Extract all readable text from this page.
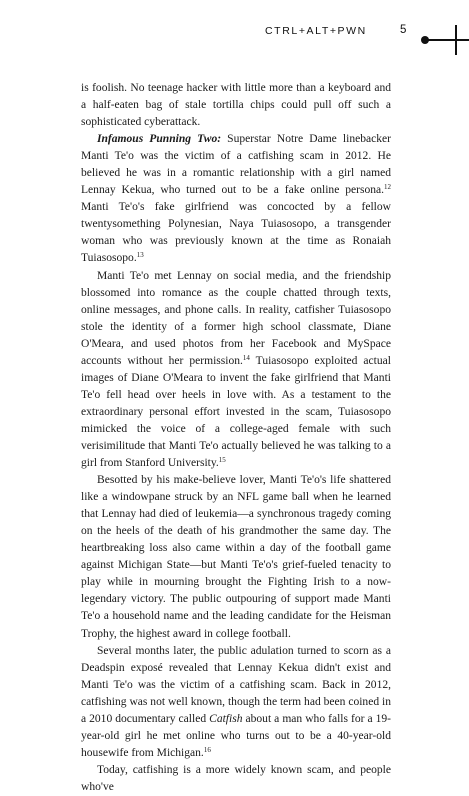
CTRL+ALT+PWN	5

is foolish. No teenage hacker with little more than a keyboard and a half-eaten bag of stale tortilla chips could pull off such a sophisticated cyberattack.

Infamous Punning Two: Superstar Notre Dame linebacker Manti Te'o was the victim of a catfishing scam in 2012. He believed he was in a romantic relationship with a girl named Lennay Kekua, who turned out to be a fake online persona.$^{12}$ Manti Te'o's fake girlfriend was concocted by a fellow twentysomething Polynesian, Naya Tuiasosopo, a transgender woman who was previously known at the time as Ronaiah Tuiasosopo.$^{13}$

Manti Te'o met Lennay on social media, and the friendship blossomed into romance as the couple chatted through texts, online messages, and phone calls. In reality, catfisher Tuiasosopo stole the identity of a former high school classmate, Diane O'Meara, and used photos from her Facebook and MySpace accounts without her permission.$^{14}$ Tuiasosopo exploited actual images of Diane O'Meara to invent the fake girlfriend that Manti Te'o fell head over heels in love with. As a testament to the extraordinary personal effort invested in the scam, Tuiasosopo mimicked the voice of a college-aged female with such verisimilitude that Manti Te'o actually believed he was talking to a girl from Stanford University.$^{15}$

Besotted by his make-believe lover, Manti Te'o's life shattered like a windowpane struck by an NFL game ball when he learned that Lennay had died of leukemia—a synchronous tragedy coming on the heels of the death of his grandmother the same day. The heartbreaking loss also came within a day of the football game against Michigan State—but Manti Te'o's grief-fueled tenacity to play while in mourning brought the Fighting Irish to a now-legendary victory. The public outpouring of support made Manti Te'o a household name and the leading candidate for the Heisman Trophy, the highest award in college football.

Several months later, the public adulation turned to scorn as a Deadspin exposé revealed that Lennay Kekua didn't exist and Manti Te'o was the victim of a catfishing scam. Back in 2012, catfishing was not well known, though the term had been coined in a 2010 documentary called Catfish about a man who falls for a 19-year-old girl he met online who turns out to be a 40-year-old housewife from Michigan.$^{16}$

Today, catfishing is a more widely known scam, and people who've
